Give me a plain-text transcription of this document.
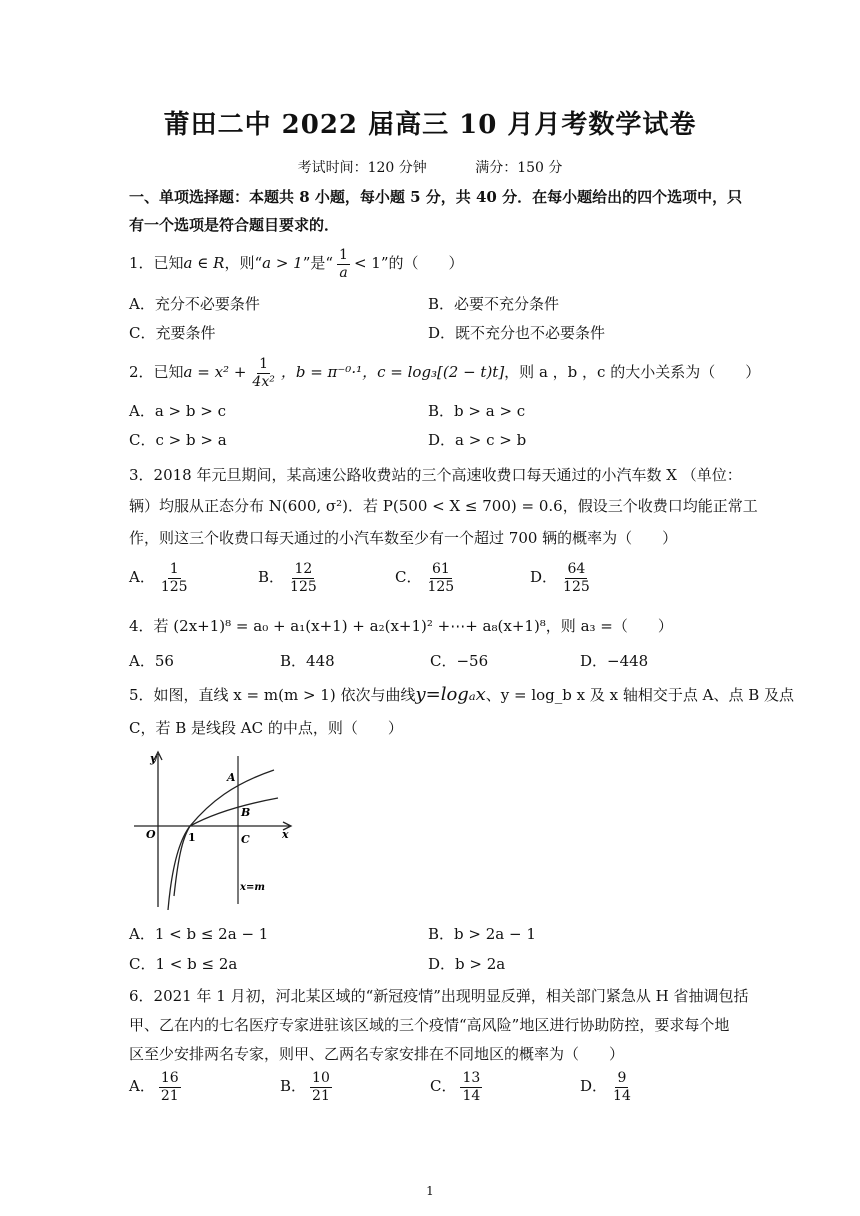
莆田二中 2022 届高三 10 月月考数学试卷
考试时间：120 分钟	满分：150 分
一、单项选择题：本题共 8 小题，每小题 5 分，共 40 分．在每小题给出的四个选项中，只
有一个选项是符合题目要求的．
1．已知a ∈ R，则“a > 1”是“ $\frac{1}{a} < 1$”的（　　）
A．充分不必要条件	B．必要不充分条件
C．充要条件	D．既不充分也不必要条件
2．已知$a = x^2 + \frac{1}{\text{4x²}}$ ，b = π⁻⁰·¹，c = log₃[(2 − t)t]，则 a ，b ，c 的大小关系为（　　）
A．a > b > c	B．b > a > c
C．c > b > a	D．a > c > b
3．2018 年元旦期间，某高速公路收费站的三个高速收费口每天通过的小汽车数 X （单位：
辆）均服从正态分布 N(600, σ²)．若 P(500 < X ≤ 700) = 0.6，假设三个收费口均能正常工
作，则这三个收费口每天通过的小汽车数至少有一个超过 700 辆的概率为（　　）
A． $\frac{1}{125}$	B． $\frac{12}{125}$	C． $\frac{61}{125}$	D． $\frac{64}{125}$
4．若 (2x+1)⁸ = a₀ + a₁(x+1) + a₂(x+1)² +⋯+ a₈(x+1)⁸，则 a₃ =（　　）
A．56	B．448	C．−56	D．−448
5．如图，直线 x = m(m > 1) 依次与曲线y=logₐx、y = log_b x 及 x 轴相交于点 A、点 B 及点
C，若 B 是线段 AC 的中点，则（　　）
y
O	1	x
A
B
C
x=m
A．1 < b ≤ 2a − 1	B．b > 2a − 1
C．1 < b ≤ 2a	D．b > 2a
6．2021 年 1 月初，河北某区域的“新冠疫情”出现明显反弹，相关部门紧急从 H 省抽调包括
甲、乙在内的七名医疗专家进驻该区域的三个疫情“高风险”地区进行协助防控，要求每个地
区至少安排两名专家，则甲、乙两名专家安排在不同地区的概率为（　　）
A． $\frac{16}{21}$	B． $\frac{10}{21}$	C． $\frac{13}{14}$	D． $\frac{9}{14}$
1
